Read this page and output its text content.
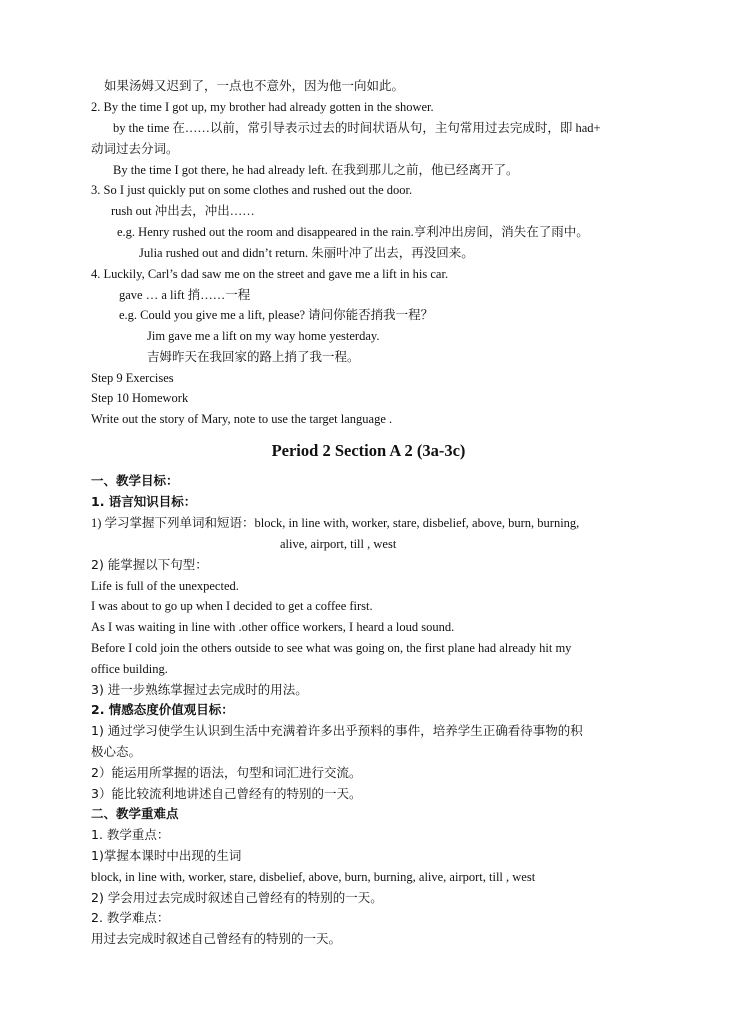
如果汤姆又迟到了，一点也不意外，因为他一向如此。
2. By the time I got up, my brother had already gotten in the shower.
by the time 在……以前，常引导表示过去的时间状语从句，主句常用过去完成时，即 had+
动词过去分词。
By the time I got there, he had already left. 在我到那儿之前，他已经离开了。
3. So I just quickly put on some clothes and rushed out the door.
rush out 冲出去，冲出……
e.g. Henry rushed out the room and disappeared in the rain.亨利冲出房间，消失在了雨中。
Julia rushed out and didn’t return. 朱丽叶冲了出去，再没回来。
4. Luckily, Carl’s dad saw me on the street and gave me a lift in his car.
gave … a lift 捎……一程
e.g. Could you give me a lift, please? 请问你能否捎我一程？
Jim gave me a lift on my way home yesterday.
吉姆昨天在我回家的路上捎了我一程。
Step 9 Exercises
Step 10 Homework
Write out the story of Mary, note to use the target language .
Period 2 Section A 2 (3a-3c)
一、教学目标：
1. 语言知识目标：
1) 学习掌握下列单词和短语：block, in line with, worker, stare, disbelief, above, burn, burning,
alive, airport, till , west
2) 能掌握以下句型：
Life is full of the unexpected.
I was about to go up when I decided to get a coffee first.
As I was waiting in line with .other office workers, I heard a loud sound.
Before I cold join the others outside to see what was going on, the first plane had already hit my
office building.
3) 进一步熟练掌握过去完成时的用法。
2. 情感态度价值观目标：
1) 通过学习使学生认识到生活中充满着许多出乎预料的事件，培养学生正确看待事物的积
极心态。
2）能运用所掌握的语法，句型和词汇进行交流。
3）能比较流利地讲述自己曾经有的特别的一天。
二、教学重难点
1. 教学重点：
1)掌握本课时中出现的生词
block, in line with, worker, stare, disbelief, above, burn, burning, alive, airport, till , west
2) 学会用过去完成时叙述自己曾经有的特别的一天。
2. 教学难点：
用过去完成时叙述自己曾经有的特别的一天。
